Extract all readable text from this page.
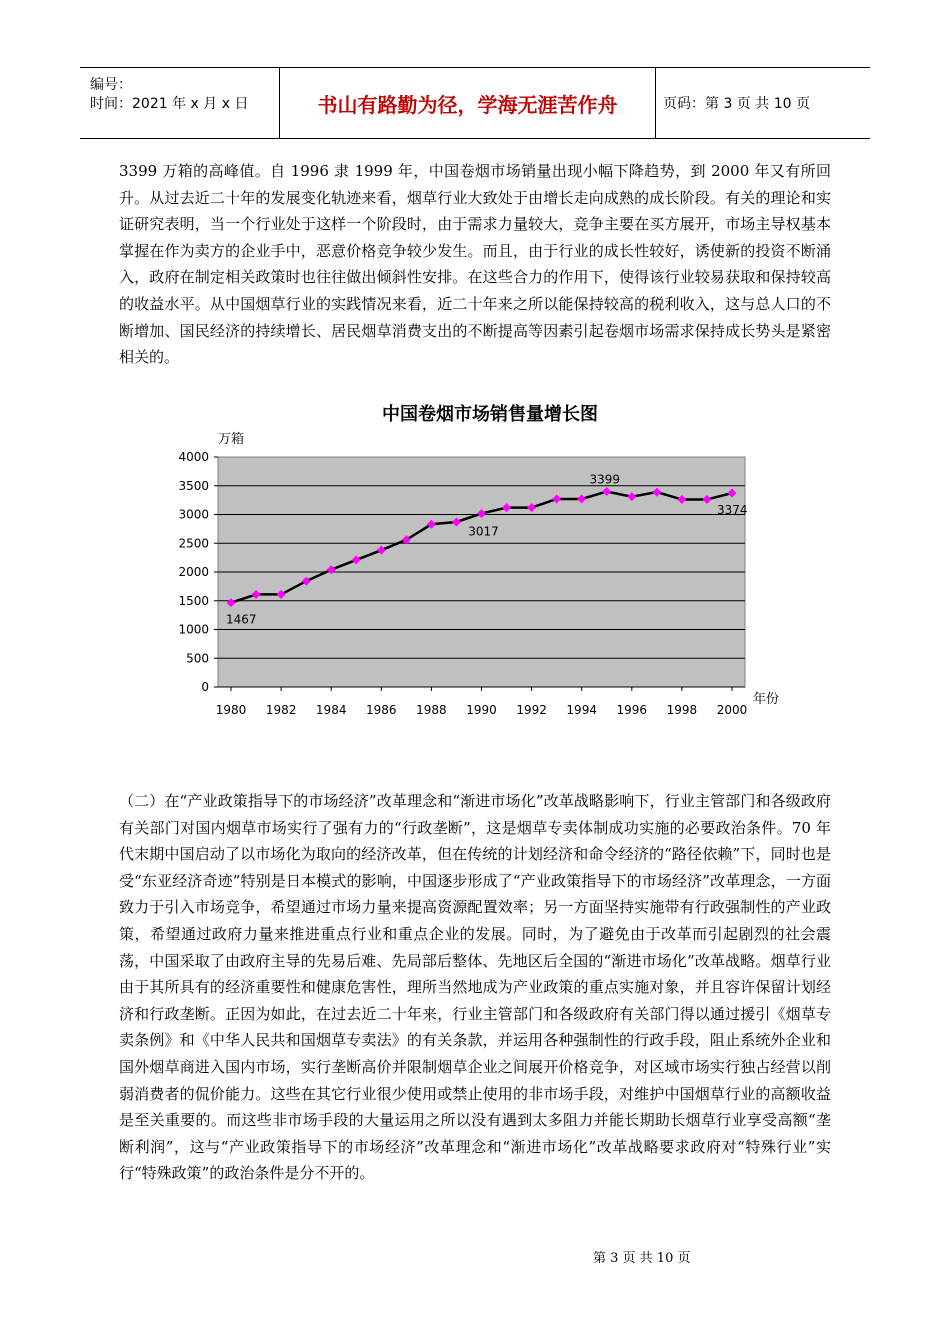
编号：
时间：2021 年 x 月 x 日	书山有路勤为径，学海无涯苦作舟	页码：第 3 页 共 10 页

3399 万箱的高峰值。自 1996 隶 1999 年，中国卷烟市场销量出现小幅下降趋势，到 2000 年又有所回升。从过去近二十年的发展变化轨迹来看，烟草行业大致处于由增长走向成熟的成长阶段。有关的理论和实证研究表明，当一个行业处于这样一个阶段时，由于需求力量较大，竞争主要在买方展开，市场主导权基本掌握在作为卖方的企业手中，恶意价格竞争较少发生。而且，由于行业的成长性较好，诱使新的投资不断涌入，政府在制定相关政策时也往往做出倾斜性安排。在这些合力的作用下，使得该行业较易获取和保持较高的收益水平。从中国烟草行业的实践情况来看，近二十年来之所以能保持较高的税利收入，这与总人口的不断增加、国民经济的持续增长、居民烟草消费支出的不断提高等因素引起卷烟市场需求保持成长势头是紧密相关的。

中国卷烟市场销售量增长图
万箱
年份
0
500
1000
1500
2000
2500
3000
3500
4000
1980 1982 1984 1986 1988 1990 1992 1994 1996 1998 2000
1467
3017
3399
3374

（二）在“产业政策指导下的市场经济”改革理念和“渐进市场化”改革战略影响下，行业主管部门和各级政府有关部门对国内烟草市场实行了强有力的“行政垄断”，这是烟草专卖体制成功实施的必要政治条件。70 年代末期中国启动了以市场化为取向的经济改革，但在传统的计划经济和命令经济的“路径依赖”下，同时也是受“东亚经济奇迹”特别是日本模式的影响，中国逐步形成了“产业政策指导下的市场经济”改革理念，一方面致力于引入市场竞争，希望通过市场力量来提高资源配置效率；另一方面坚持实施带有行政强制性的产业政策，希望通过政府力量来推进重点行业和重点企业的发展。同时，为了避免由于改革而引起剧烈的社会震荡，中国采取了由政府主导的先易后难、先局部后整体、先地区后全国的“渐进市场化”改革战略。烟草行业由于其所具有的经济重要性和健康危害性，理所当然地成为产业政策的重点实施对象，并且容许保留计划经济和行政垄断。正因为如此，在过去近二十年来，行业主管部门和各级政府有关部门得以通过援引《烟草专卖条例》和《中华人民共和国烟草专卖法》的有关条款，并运用各种强制性的行政手段，阻止系统外企业和国外烟草商进入国内市场，实行垄断高价并限制烟草企业之间展开价格竞争，对区域市场实行独占经营以削弱消费者的侃价能力。这些在其它行业很少使用或禁止使用的非市场手段，对维护中国烟草行业的高额收益是至关重要的。而这些非市场手段的大量运用之所以没有遇到太多阻力并能长期助长烟草行业享受高额“垄断利润”，这与“产业政策指导下的市场经济”改革理念和“渐进市场化”改革战略要求政府对“特殊行业”实行“特殊政策”的政治条件是分不开的。

第 3 页 共 10 页
